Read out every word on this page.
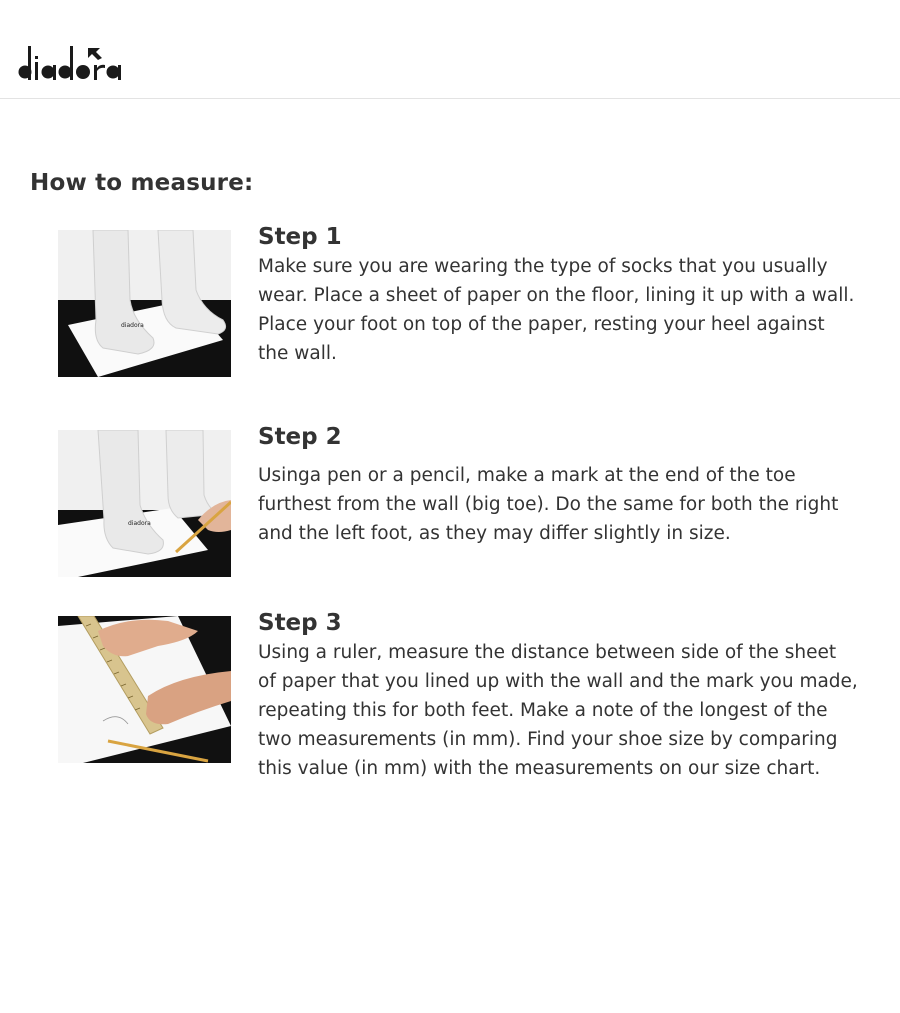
How to measure:
diadora
Step 1

Make sure you are wearing the type of socks that you usually wear. Place a sheet of paper on the floor, lining it up with a wall. Place your foot on top of the paper, resting your heel against the wall.

diadora
Step 2

Usinga pen or a pencil, make a mark at the end of the toe furthest from the wall (big toe). Do the same for both the right and the left foot, as they may differ slightly in size.

Step 3

Using a ruler, measure the distance between side of the sheet of paper that you lined up with the wall and the mark you made, repeating this for both feet. Make a note of the longest of the two measurements (in mm). Find your shoe size by comparing this value (in mm) with the measurements on our size chart.
